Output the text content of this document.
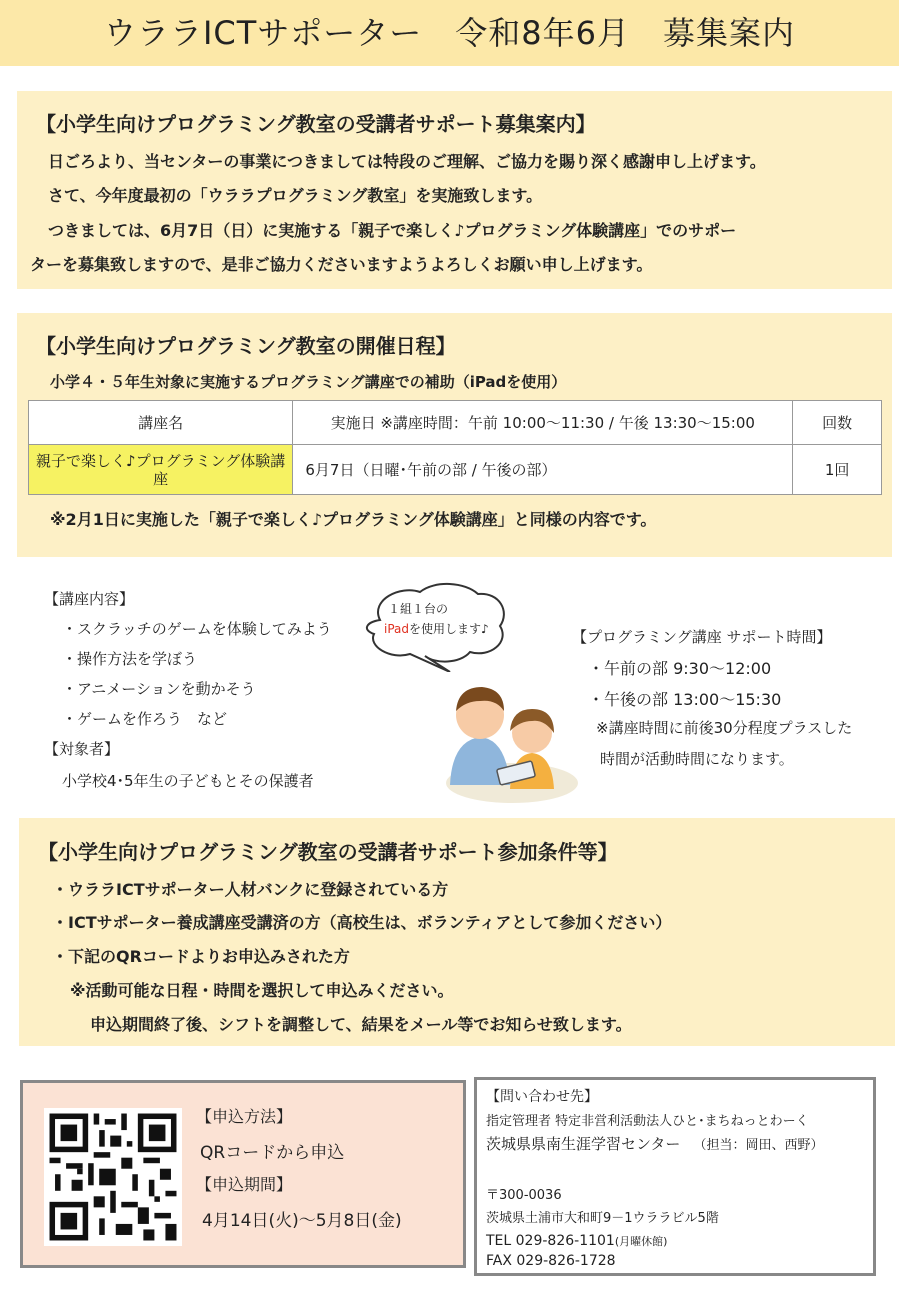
ウララICTサポーター　令和8年6月　募集案内
【小学生向けプログラミング教室の受講者サポート募集案内】
日ごろより、当センターの事業につきましては特段のご理解、ご協力を賜り深く感謝申し上げます。
さて、今年度最初の「ウララプログラミング教室」を実施致します。
つきましては、6月7日（日）に実施する「親子で楽しく♪プログラミング体験講座」でのサポー
ターを募集致しますので、是非ご協力くださいますようよろしくお願い申し上げます。
【小学生向けプログラミング教室の開催日程】
小学４・５年生対象に実施するプログラミング講座での補助（iPadを使用）
講座名	実施日 ※講座時間：午前 10:00～11:30 / 午後 13:30～15:00	回数
親子で楽しく♪プログラミング体験講座	6月7日（日曜･午前の部 / 午後の部）	1回
※2月1日に実施した「親子で楽しく♪プログラミング体験講座」と同様の内容です。
【講座内容】
・スクラッチのゲームを体験してみよう
・操作方法を学ぼう
・アニメーションを動かそう
・ゲームを作ろう　など
【対象者】
小学校4･5年生の子どもとその保護者
１組１台の
iPadを使用します♪	【プログラミング講座 サポート時間】
・午前の部 9:30～12:00
・午後の部 13:00～15:30
※講座時間に前後30分程度プラスした
時間が活動時間になります。
【小学生向けプログラミング教室の受講者サポート参加条件等】
・ウララICTサポーター人材バンクに登録されている方
・ICTサポーター養成講座受講済の方（高校生は、ボランティアとして参加ください）
・下記のQRコードよりお申込みされた方
※活動可能な日程・時間を選択して申込みください。
申込期間終了後、シフトを調整して、結果をメール等でお知らせ致します。
【申込方法】
QRコードから申込
【申込期間】
4月14日(火)～5月8日(金)
【問い合わせ先】
指定管理者 特定非営利活動法人ひと･まちねっとわーく
茨城県県南生涯学習センター （担当：岡田、西野）
〒300-0036
茨城県土浦市大和町9－1ウララビル5階
TEL 029-826-1101(月曜休館)
FAX 029-826-1728
